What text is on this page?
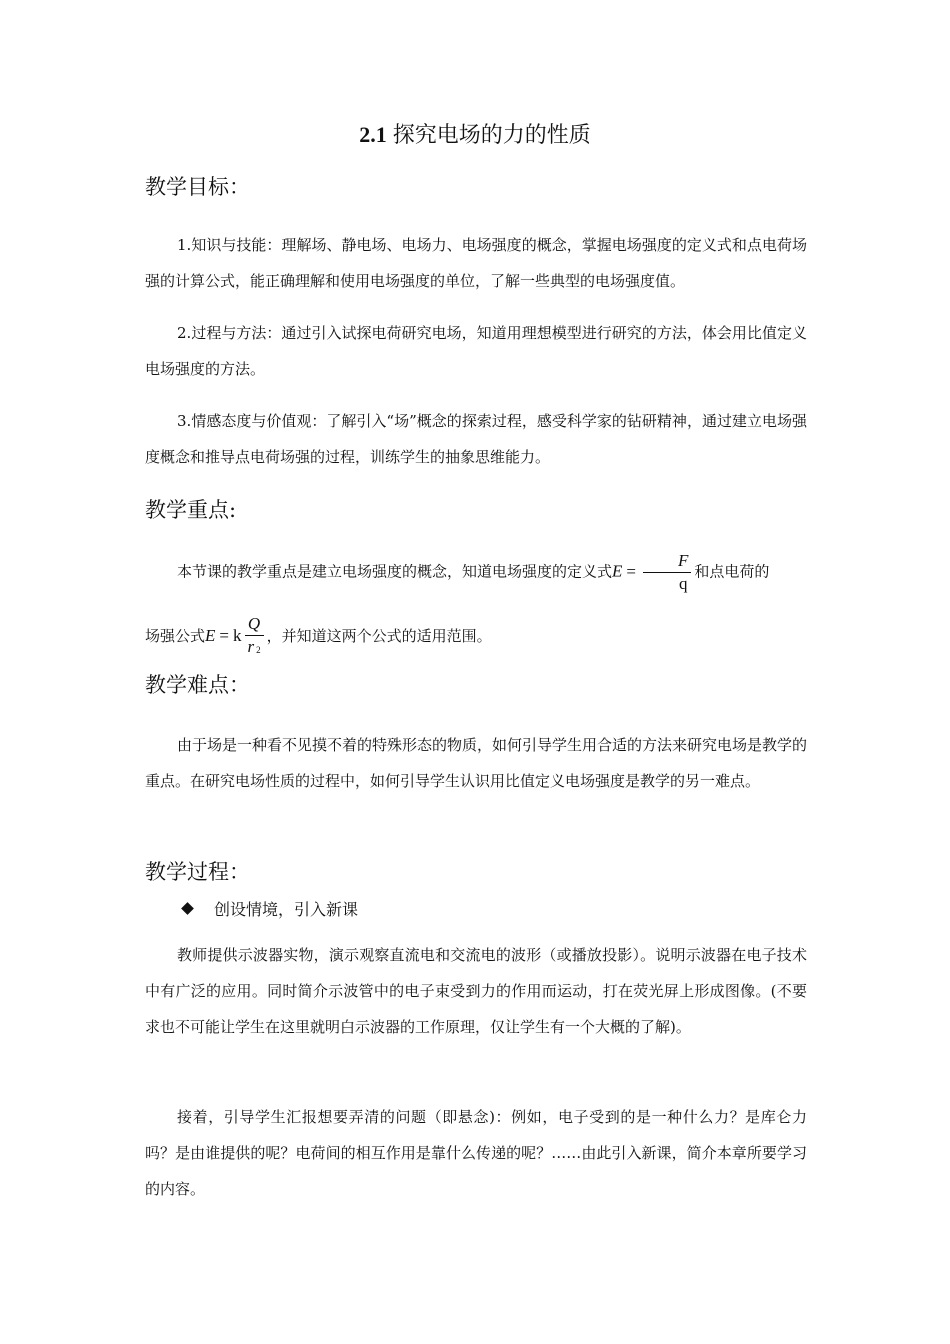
2.1 探究电场的力的性质
教学目标：
1.知识与技能：理解场、静电场、电场力、电场强度的概念，掌握电场强度的定义式和点电荷场强的计算公式，能正确理解和使用电场强度的单位，了解一些典型的电场强度值。
2.过程与方法：通过引入试探电荷研究电场，知道用理想模型进行研究的方法，体会用比值定义电场强度的方法。
3.情感态度与价值观：了解引入“场”概念的探索过程，感受科学家的钻研精神，通过建立电场强度概念和推导点电荷场强的过程，训练学生的抽象思维能力。
教学重点:
本节课的教学重点是建立电场强度的概念，知道电场强度的定义式$E = \frac{F}{q}$ 和点电荷的
场强公式E = k $\frac{Q}{r 2}$ ，并知道这两个公式的适用范围。
教学难点：
由于场是一种看不见摸不着的特殊形态的物质，如何引导学生用合适的方法来研究电场是教学的重点。在研究电场性质的过程中，如何引导学生认识用比值定义电场强度是教学的另一难点。
教学过程：
创设情境，引入新课
教师提供示波器实物，演示观察直流电和交流电的波形（或播放投影）。说明示波器在电子技术中有广泛的应用。同时简介示波管中的电子束受到力的作用而运动，打在荧光屏上形成图像。(不要求也不可能让学生在这里就明白示波器的工作原理，仅让学生有一个大概的了解)。
接着，引导学生汇报想要弄清的问题（即悬念)：例如，电子受到的是一种什么力？是库仑力吗？是由谁提供的呢？电荷间的相互作用是靠什么传递的呢？……由此引入新课，简介本章所要学习的内容。
